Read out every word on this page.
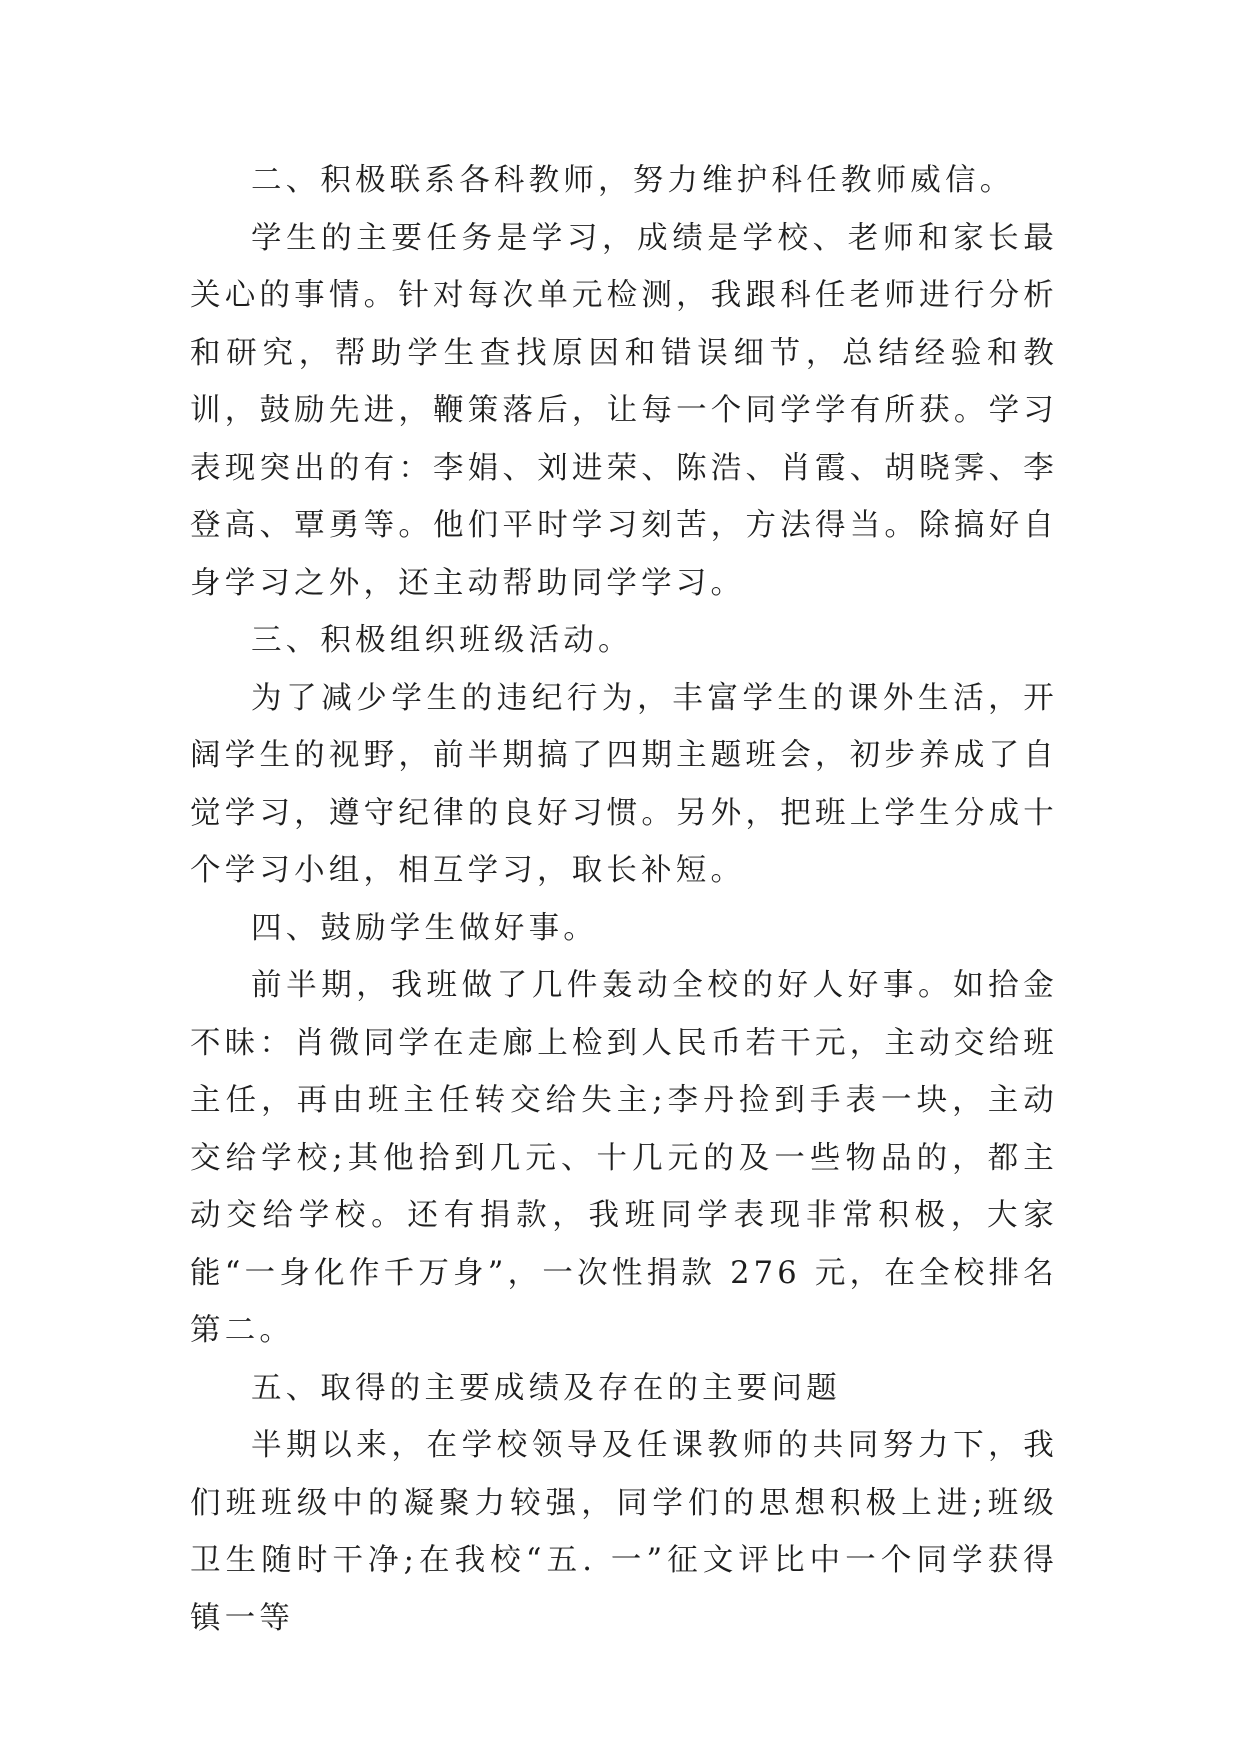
二、积极联系各科教师，努力维护科任教师威信。

学生的主要任务是学习，成绩是学校、老师和家长最关心的事情。针对每次单元检测，我跟科任老师进行分析和研究，帮助学生查找原因和错误细节，总结经验和教训，鼓励先进，鞭策落后，让每一个同学学有所获。学习表现突出的有：李娟、刘进荣、陈浩、肖霞、胡晓霁、李登高、覃勇等。他们平时学习刻苦，方法得当。除搞好自身学习之外，还主动帮助同学学习。

三、积极组织班级活动。

为了减少学生的违纪行为，丰富学生的课外生活，开阔学生的视野，前半期搞了四期主题班会，初步养成了自觉学习，遵守纪律的良好习惯。另外，把班上学生分成十个学习小组，相互学习，取长补短。

四、鼓励学生做好事。

前半期，我班做了几件轰动全校的好人好事。如拾金不昧：肖微同学在走廊上检到人民币若干元，主动交给班主任，再由班主任转交给失主;李丹捡到手表一块，主动交给学校;其他拾到几元、十几元的及一些物品的，都主动交给学校。还有捐款，我班同学表现非常积极，大家能“一身化作千万身”，一次性捐款 276 元，在全校排名第二。

五、取得的主要成绩及存在的主要问题

半期以来，在学校领导及任课教师的共同努力下，我们班班级中的凝聚力较强，同学们的思想积极上进;班级卫生随时干净;在我校“五. 一”征文评比中一个同学获得镇一等
